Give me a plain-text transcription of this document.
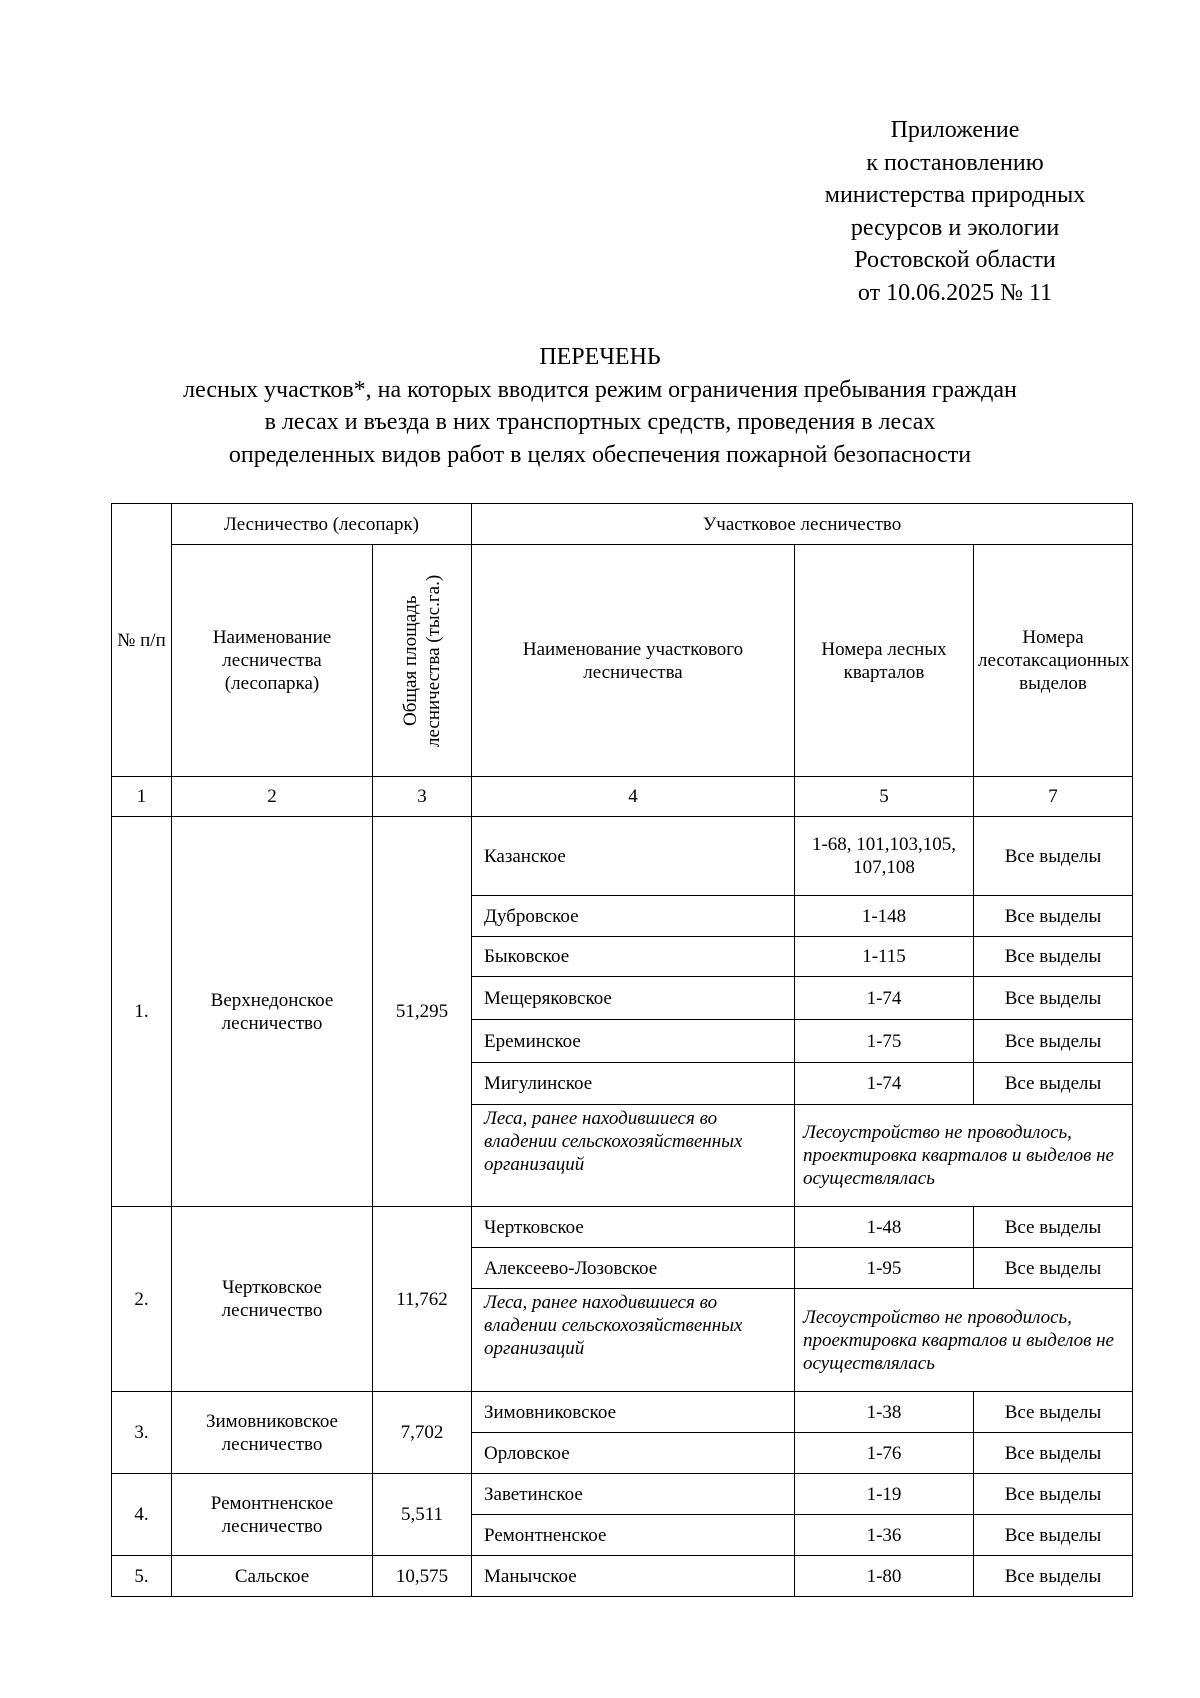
Приложение
к постановлению
министерства природных
ресурсов и экологии
Ростовской области
от 10.06.2025 № 11
ПЕРЕЧЕНЬ
лесных участков*, на которых вводится режим ограничения пребывания граждан
в лесах и въезда в них транспортных средств, проведения в лесах
определенных видов работ в целях обеспечения пожарной безопасности
№ п/п	Лесничество (лесопарк)		Участковое лесничество		
	Наименование лесничества (лесопарка)	Общая площадь лесничества (тыс.га.)	Наименование участкового лесничества	Номера лесных кварталов	Номера лесотаксационных выделов
1	2	3	4	5	7
1.	Верхнедонское лесничество	51,295	Казанское	1-68, 101,103,105, 107,108	Все выделы
			Дубровское	1-148	Все выделы
			Быковское	1-115	Все выделы
			Мещеряковское	1-74	Все выделы
			Ереминское	1-75	Все выделы
			Мигулинское	1-74	Все выделы
			Леса, ранее находившиеся во владении сельскохозяйственных организаций	Лесоустройство не проводилось, проектировка кварталов и выделов не осуществлялась	
2.	Чертковское лесничество	11,762	Чертковское	1-48	Все выделы
			Алексеево-Лозовское	1-95	Все выделы
			Леса, ранее находившиеся во владении сельскохозяйственных организаций	Лесоустройство не проводилось, проектировка кварталов и выделов не осуществлялась	
3.	Зимовниковское лесничество	7,702	Зимовниковское	1-38	Все выделы
			Орловское	1-76	Все выделы
4.	Ремонтненское лесничество	5,511	Заветинское	1-19	Все выделы
			Ремонтненское	1-36	Все выделы
5.	Сальское	10,575	Манычское	1-80	Все выделы
